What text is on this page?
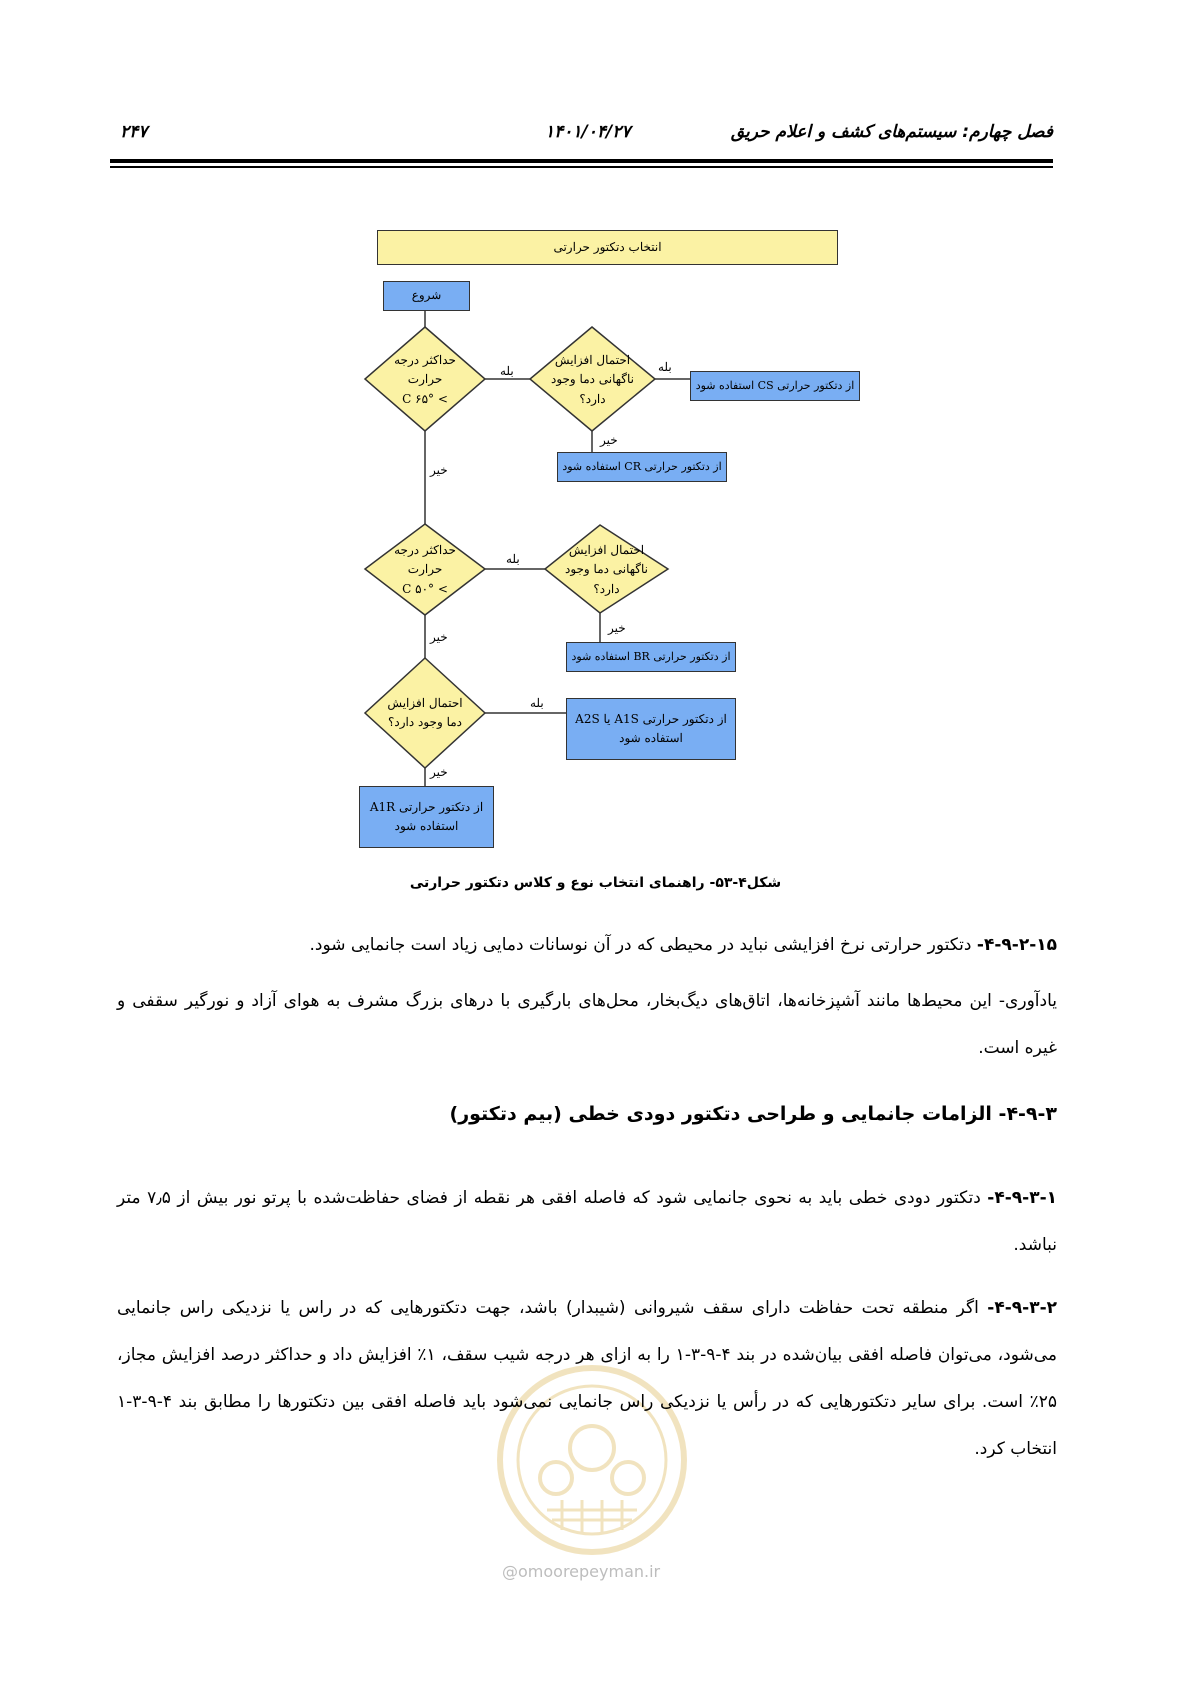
فصل چهارم: سیستم‌های کشف و اعلام حریق
۱۴۰۱/۰۴/۲۷
۲۴۷
انتخاب دتکتور حرارتی
شروع
از دتکتور حرارتی CS استفاده شود
از دتکتور حرارتی CR استفاده شود
از دتکتور حرارتی BR استفاده شود
از دتکتور حرارتی A1S یا A2S
استفاده شود
از دتکتور حرارتی A1R
استفاده شود
حداکثر درجه
حرارت
> ۶۵° C
احتمال افزایش
ناگهانی دما وجود
دارد؟
حداکثر درجه
حرارت
> ۵۰° C
احتمال افزایش
ناگهانی دما وجود
دارد؟
احتمال افزایش
دما وجود دارد؟
بله	بله
خیر
خیر
بله
خیر
خیر
بله
خیر
شکل۴-۵۳- راهنمای انتخاب نوع و کلاس دتکتور حرارتی
@omoorepeyman.ir
۴-۹-۲-۱۵- دتکتور حرارتی نرخ افزایشی نباید در محیطی که در آن نوسانات دمایی زیاد است جانمایی شود.
یادآوری- این محیط‌ها مانند آشپزخانه‌ها، اتاق‌های دیگ‌بخار، محل‌های بارگیری با درهای بزرگ مشرف به هوای آزاد و نورگیر سقفی و غیره است.
۴-۹-۳- الزامات جانمایی و طراحی دتکتور دودی خطی (بیم دتکتور)
۴-۹-۳-۱- دتکتور دودی خطی باید به نحوی جانمایی شود که فاصله افقی هر نقطه از فضای حفاظت‌شده با پرتو نور بیش از ۷٫۵ متر نباشد.
۴-۹-۳-۲- اگر منطقه تحت حفاظت دارای سقف شیروانی (شیبدار) باشد، جهت دتکتورهایی که در راس یا نزدیکی راس جانمایی می‌شود، می‌توان فاصله افقی بیان‌شده در بند ۴-۹-۳-۱ را به ازای هر درجه شیب سقف، ۱٪ افزایش داد و حداکثر درصد افزایش مجاز، ۲۵٪ است. برای سایر دتکتورهایی که در رأس یا نزدیکی راس جانمایی نمی‌شود باید فاصله افقی بین دتکتورها را مطابق بند ۴-۹-۳-۱ انتخاب کرد.
